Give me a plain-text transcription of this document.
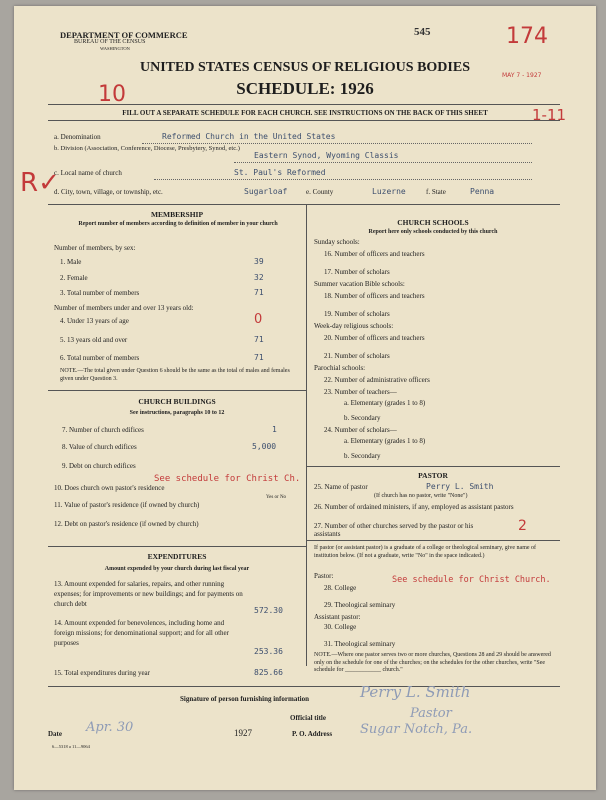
DEPARTMENT OF COMMERCE
BUREAU OF THE CENSUS
WASHINGTON
545	174
MAY 7 - 1927
10
1-11
UNITED STATES CENSUS OF RELIGIOUS BODIES
SCHEDULE: 1926
FILL OUT A SEPARATE SCHEDULE FOR EACH CHURCH. SEE INSTRUCTIONS ON THE BACK OF THIS SHEET
a. Denomination	Reformed Church in the United States
b. Division (Association, Conference, Diocese, Presbytery, Synod, etc.)
Eastern Synod, Wyoming Classis
c. Local name of church	St. Paul's Reformed
d. City, town, village, or township, etc.	Sugarloaf	e. County	Luzerne	f. State	Penna
R✓
MEMBERSHIP
Report number of members according to definition of member in your church
Number of members, by sex:
1. Male	39
2. Female	32
3. Total number of members	71
Number of members under and over 13 years old:
4. Under 13 years of age	0
5. 13 years old and over	71
6. Total number of members	71
NOTE.—The total given under Question 6 should be the same as the total of males and females given under Question 3.
CHURCH BUILDINGS
See instructions, paragraphs 10 to 12
7. Number of church edifices	1
8. Value of church edifices	5,000
9. Debt on church edifices
10. Does church own pastor's residence
See schedule for Christ Ch.
Yes or No
11. Value of pastor's residence (if owned by church)
12. Debt on pastor's residence (if owned by church)
EXPENDITURES
Amount expended by your church during last fiscal year
13. Amount expended for salaries, repairs, and other running expenses; for improvements or new buildings; and for payments on church debt
572.30
14. Amount expended for benevolences, including home and foreign missions; for denominational support; and for all other purposes
253.36
15. Total expenditures during year	825.66
CHURCH SCHOOLS
Report here only schools conducted by this church
Sunday schools:
16. Number of officers and teachers
17. Number of scholars
Summer vacation Bible schools:
18. Number of officers and teachers
19. Number of scholars
Week-day religious schools:
20. Number of officers and teachers
21. Number of scholars
Parochial schools:
22. Number of administrative officers
23. Number of teachers—
a. Elementary (grades 1 to 8)
b. Secondary
24. Number of scholars—
a. Elementary (grades 1 to 8)
b. Secondary
PASTOR
25. Name of pastor	Perry L. Smith
(If church has no pastor, write "None")
26. Number of ordained ministers, if any, employed as assistant pastors
27. Number of other churches served by the pastor or his assistants	2
If pastor (or assistant pastor) is a graduate of a college or theological seminary, give name of institution below. (If not a graduate, write "No" in the space indicated.)
Pastor:
28. College
See schedule for Christ Church.
29. Theological seminary
Assistant pastor:
30. College
31. Theological seminary
NOTE.—Where one pastor serves two or more churches, Questions 28 and 29 should be answered only on the schedule for one of the churches; on the schedules for the other churches, write "See schedule for ____________ church."
Signature of person furnishing information	Perry L. Smith
Official title	Pastor
Date Apr. 30	1927	P. O. Address Sugar Notch, Pa.
6—5318 a 11—9064
